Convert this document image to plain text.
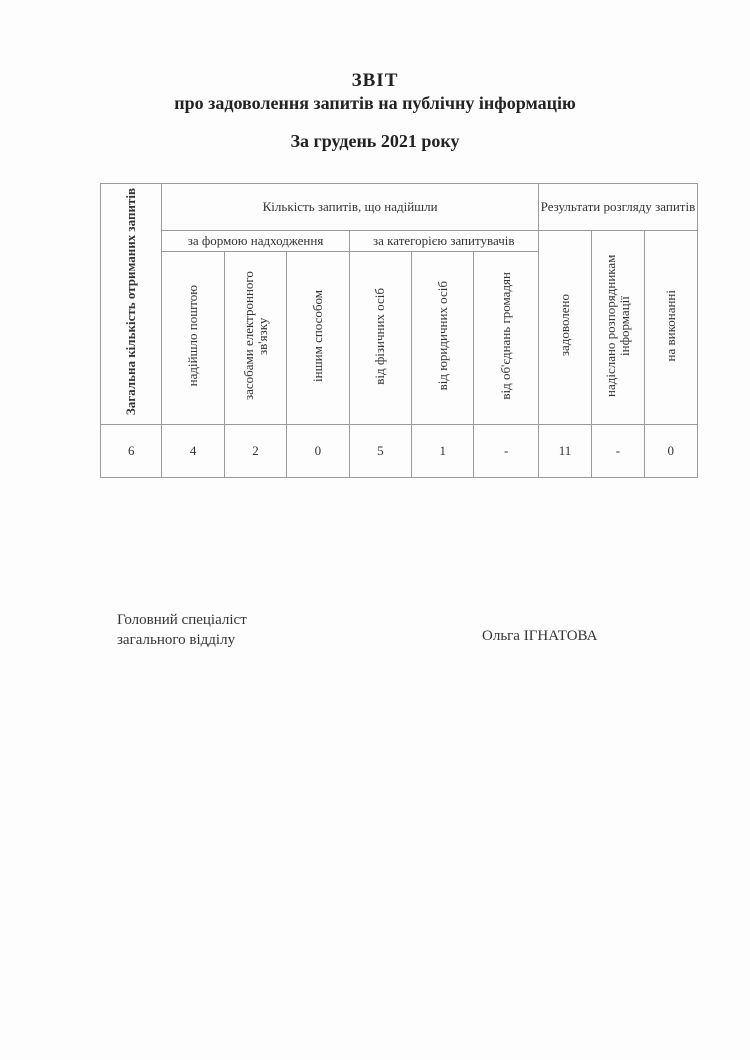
ЗВІТ
про задоволення запитів на публічну інформацію
За грудень 2021 року
Загальна кількість отриманих запитів	Кількість запитів, що надійшли						Результати розгляду запитів		
	за формою надходження			за категорією запитувачів			задоволено	надіслано розпорядникам інформації	на виконанні
	надійшло поштою	засобами електронного зв'язку	іншим способом	від фізичних осіб	від юридичних осіб	від об'єднань громадян			
6	4	2	0	5	1	-	11	-	0
Головний спеціаліст
загального відділу	Ольга ІГНАТОВА
